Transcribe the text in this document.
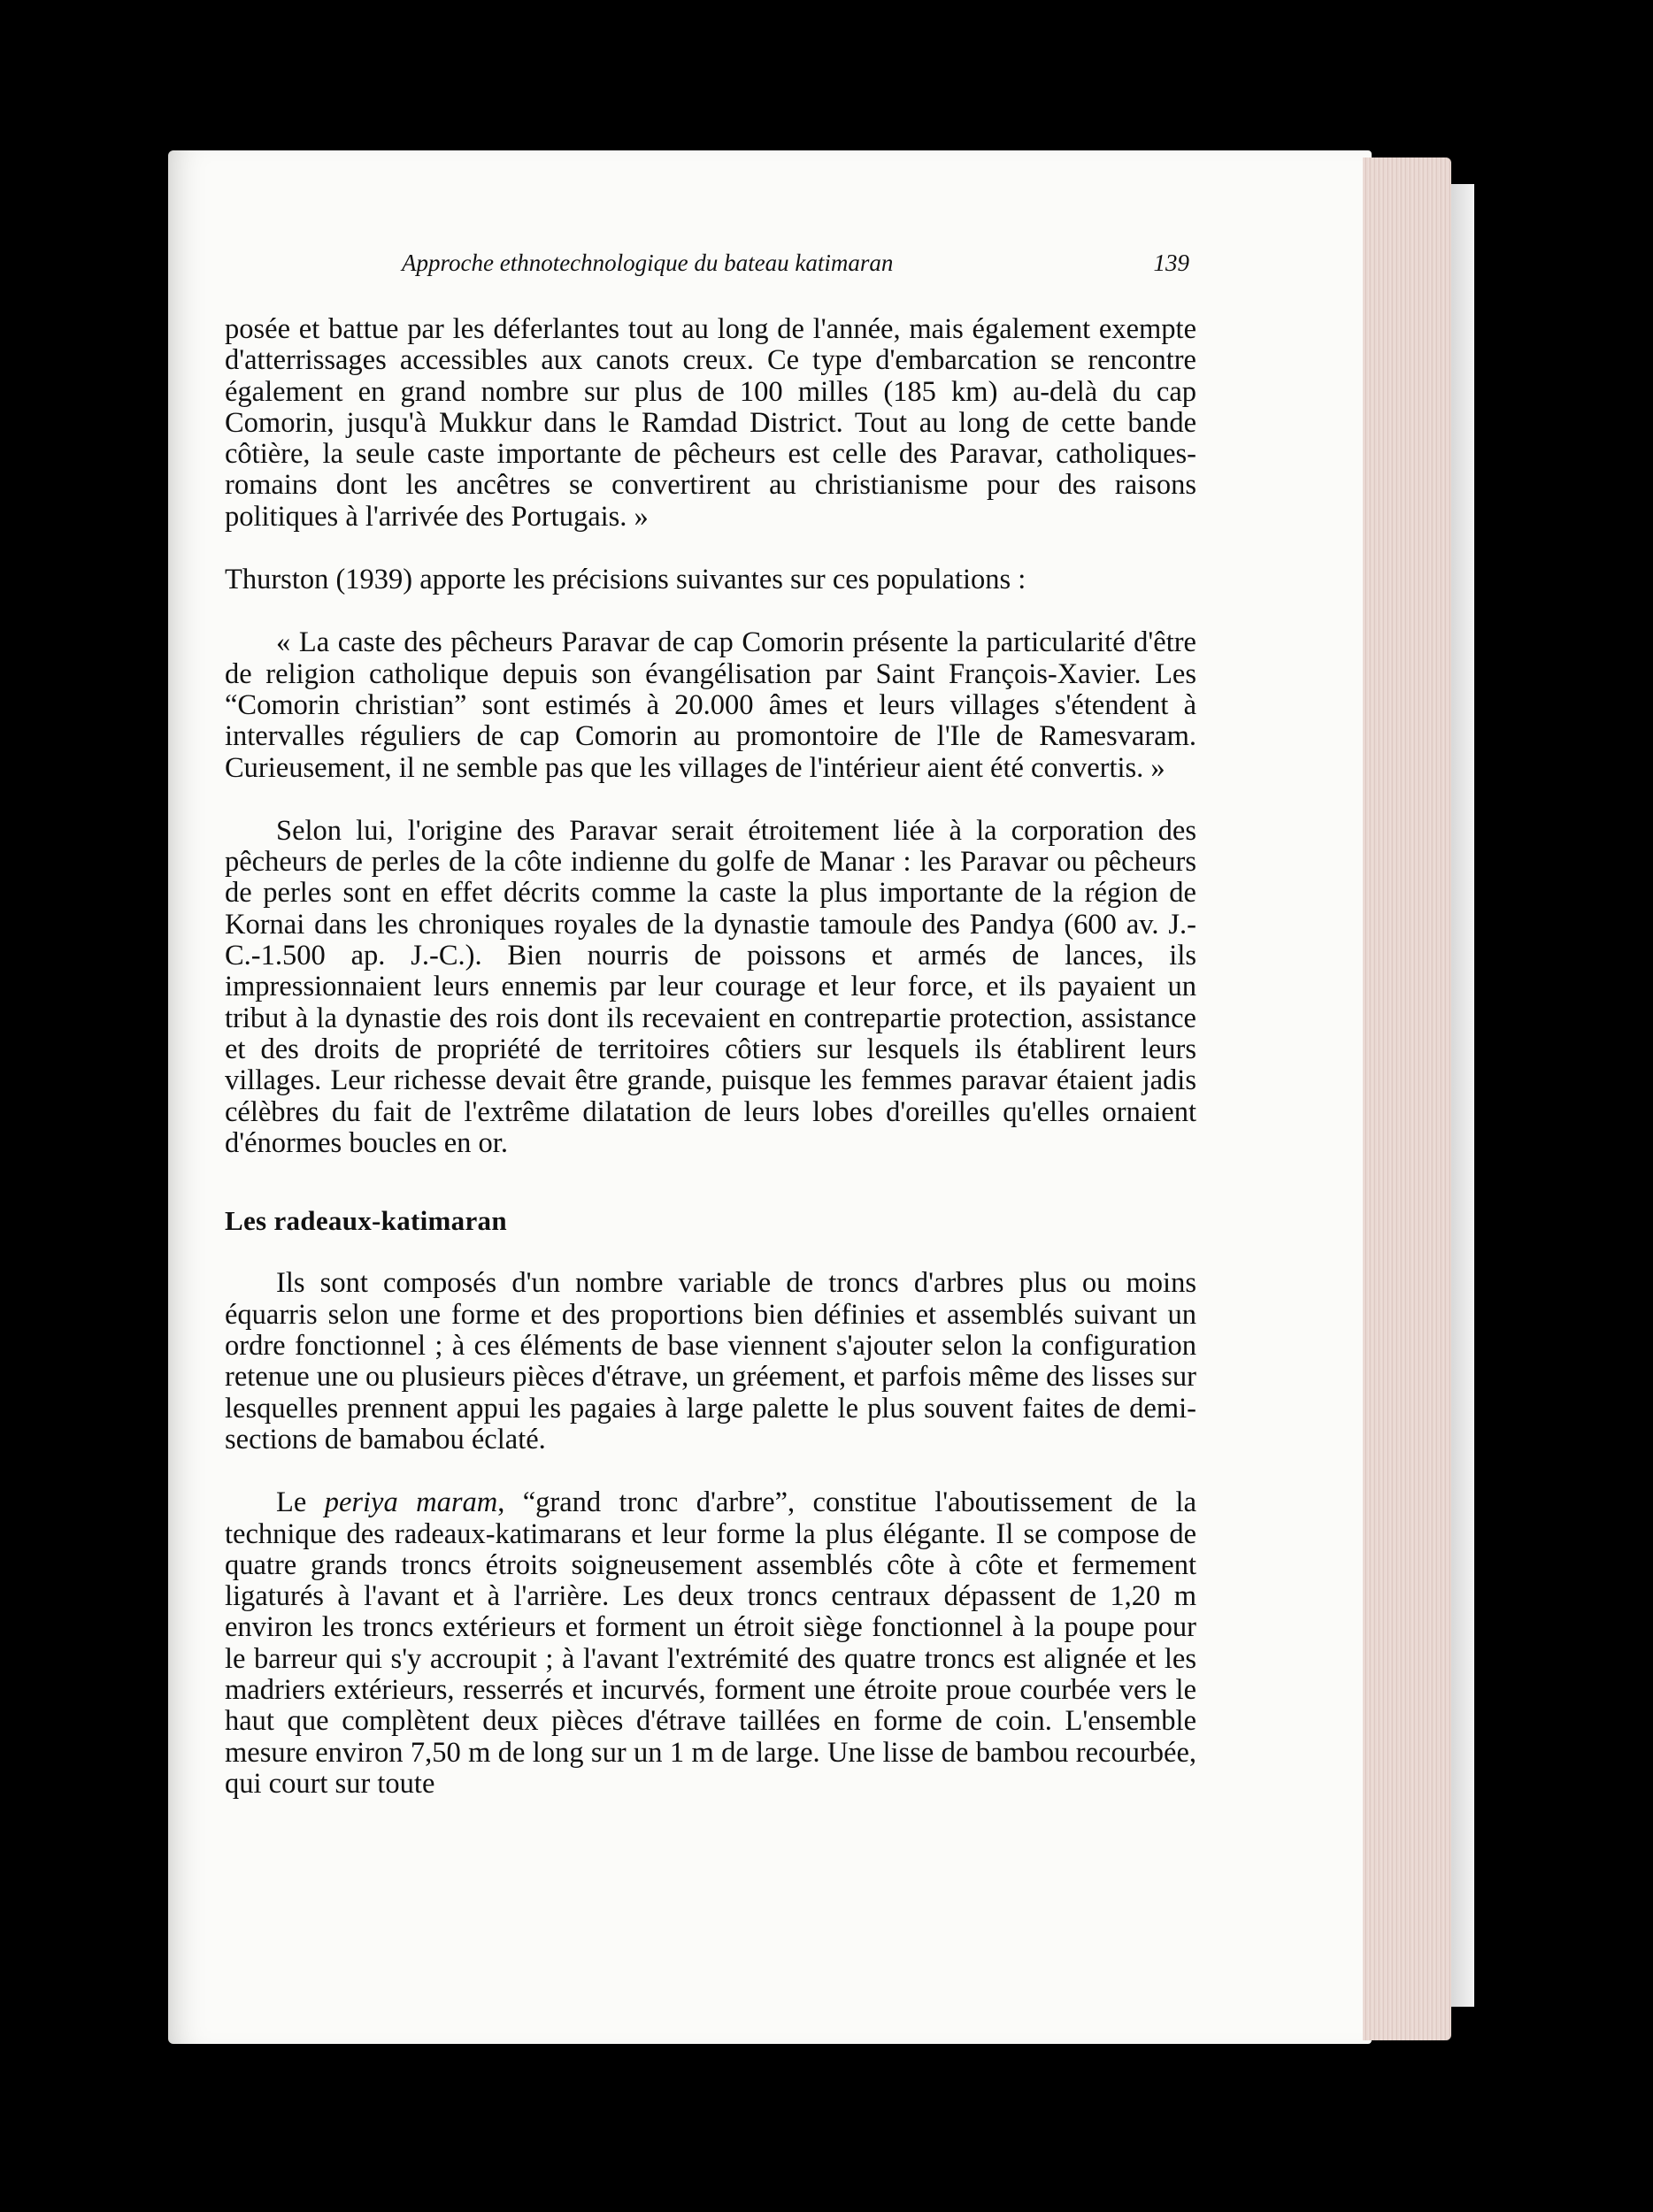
Approche ethnotechnologique du bateau katimaran	139

posée et battue par les déferlantes tout au long de l'année, mais également exempte d'atterrissages accessibles aux canots creux. Ce type d'embarcation se rencontre également en grand nombre sur plus de 100 milles (185 km) au-delà du cap Comorin, jusqu'à Mukkur dans le Ramdad District. Tout au long de cette bande côtière, la seule caste importante de pêcheurs est celle des Paravar, catholiques-romains dont les ancêtres se convertirent au christianisme pour des raisons politiques à l'arrivée des Portugais. »

Thurston (1939) apporte les précisions suivantes sur ces populations :

« La caste des pêcheurs Paravar de cap Comorin présente la particularité d'être de religion catholique depuis son évangélisation par Saint François-Xavier. Les “Comorin christian” sont estimés à 20.000 âmes et leurs villages s'étendent à intervalles réguliers de cap Comorin au promontoire de l'Ile de Ramesvaram. Curieusement, il ne semble pas que les villages de l'intérieur aient été convertis. »

Selon lui, l'origine des Paravar serait étroitement liée à la corporation des pêcheurs de perles de la côte indienne du golfe de Manar : les Paravar ou pêcheurs de perles sont en effet décrits comme la caste la plus importante de la région de Kornai dans les chroniques royales de la dynastie tamoule des Pandya (600 av. J.-C.-1.500 ap. J.-C.). Bien nourris de poissons et armés de lances, ils impressionnaient leurs ennemis par leur courage et leur force, et ils payaient un tribut à la dynastie des rois dont ils recevaient en contrepartie protection, assistance et des droits de propriété de territoires côtiers sur lesquels ils établirent leurs villages. Leur richesse devait être grande, puisque les femmes paravar étaient jadis célèbres du fait de l'extrême dilatation de leurs lobes d'oreilles qu'elles ornaient d'énormes boucles en or.

Les radeaux-katimaran

Ils sont composés d'un nombre variable de troncs d'arbres plus ou moins équarris selon une forme et des proportions bien définies et assemblés suivant un ordre fonctionnel ; à ces éléments de base viennent s'ajouter selon la configuration retenue une ou plusieurs pièces d'étrave, un gréement, et parfois même des lisses sur lesquelles prennent appui les pagaies à large palette le plus souvent faites de demi-sections de bamabou éclaté.

Le periya maram, “grand tronc d'arbre”, constitue l'aboutissement de la technique des radeaux-katimarans et leur forme la plus élégante. Il se compose de quatre grands troncs étroits soigneusement assemblés côte à côte et fermement ligaturés à l'avant et à l'arrière. Les deux troncs centraux dépassent de 1,20 m environ les troncs extérieurs et forment un étroit siège fonctionnel à la poupe pour le barreur qui s'y accroupit ; à l'avant l'extrémité des quatre troncs est alignée et les madriers extérieurs, resserrés et incurvés, forment une étroite proue courbée vers le haut que complètent deux pièces d'étrave taillées en forme de coin. L'ensemble mesure environ 7,50 m de long sur un 1 m de large. Une lisse de bambou recourbée, qui court sur toute
